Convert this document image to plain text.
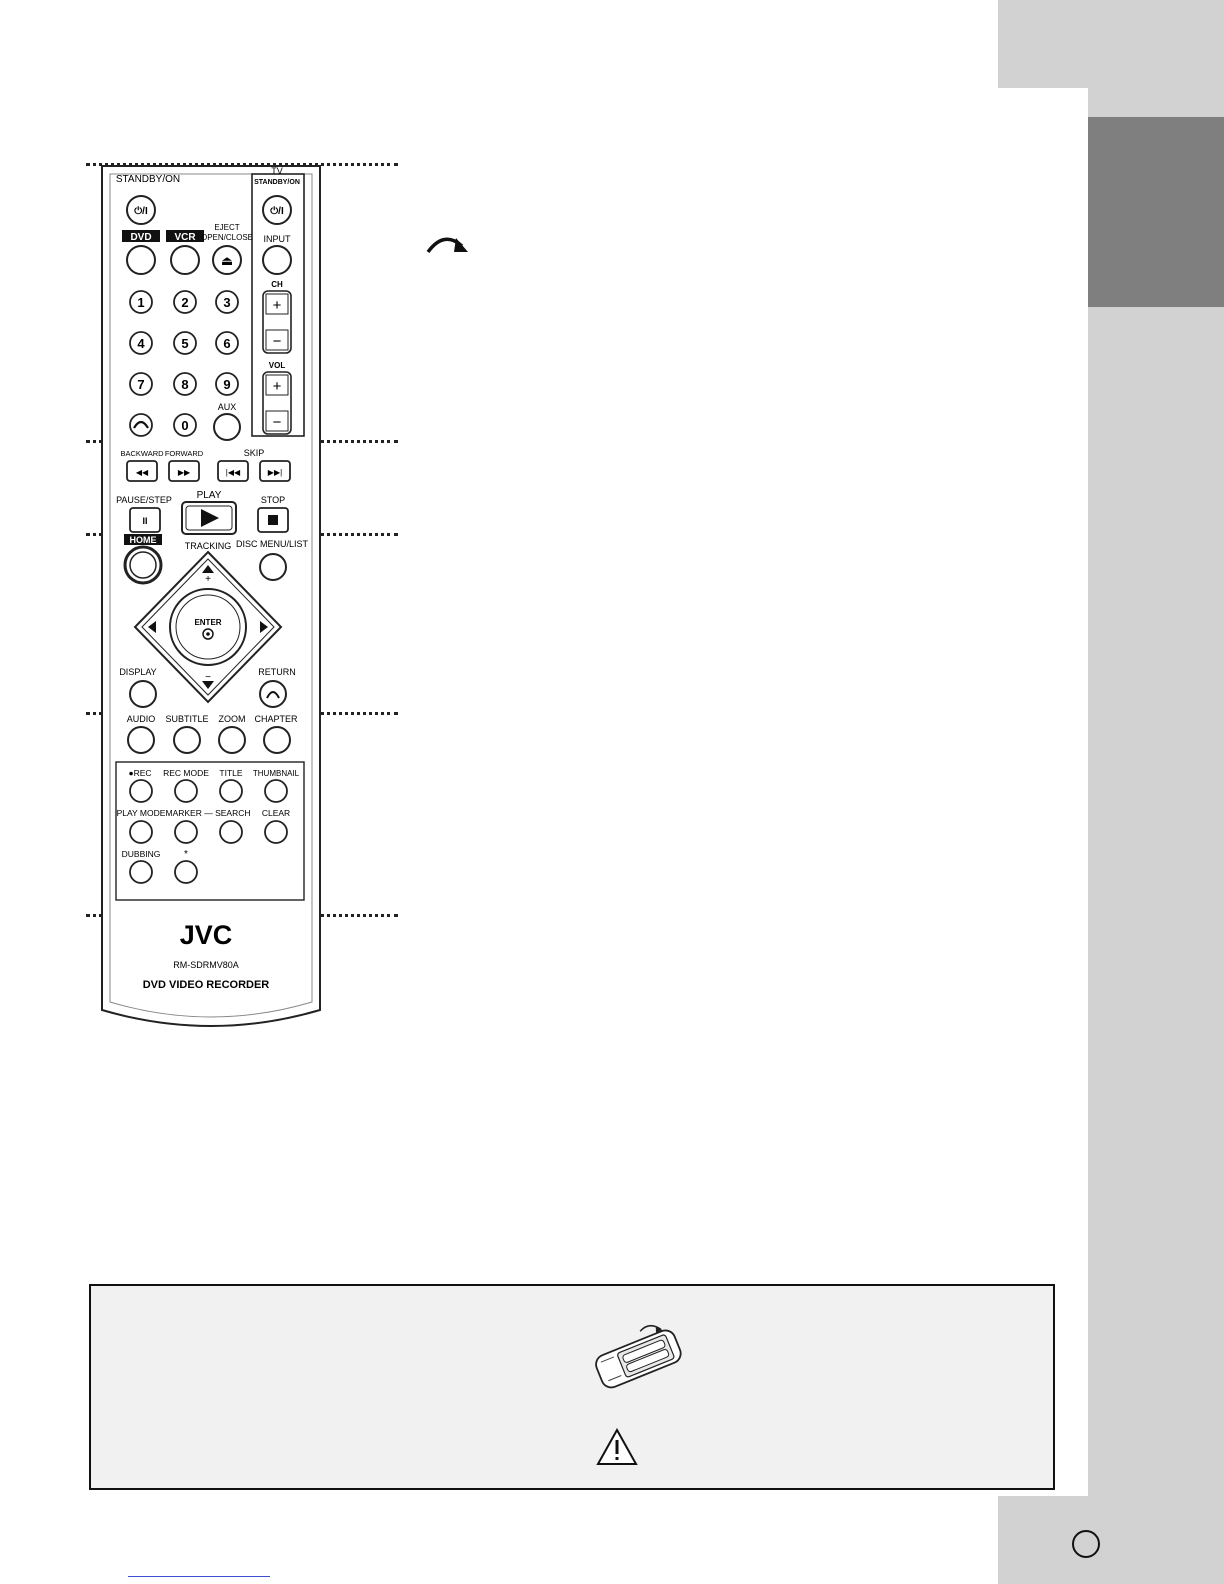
STANDBY/ON
⏻/I
TV
STANDBY/ON
⏻/I
DVD VCR
EJECT
OPEN/CLOSE
⏏
INPUT
CH
+
−
VOL
+
−
1	2	3
4	5	6
7	8	9
0
AUX
BACKWARD FORWARD	SKIP
◀◀	▶▶	|◀◀	▶▶|
PAUSE/STEP PLAY	STOP
II
HOME
TRACKING DISC MENU/LIST
+
−
ENTER
DISPLAY	RETURN
AUDIO SUBTITLE ZOOM CHAPTER
●REC REC MODE TITLE THUMBNAIL
PLAY MODE MARKER — SEARCH CLEAR
DUBBING *
JVC
RM-SDRMV80A
DVD VIDEO RECORDER
